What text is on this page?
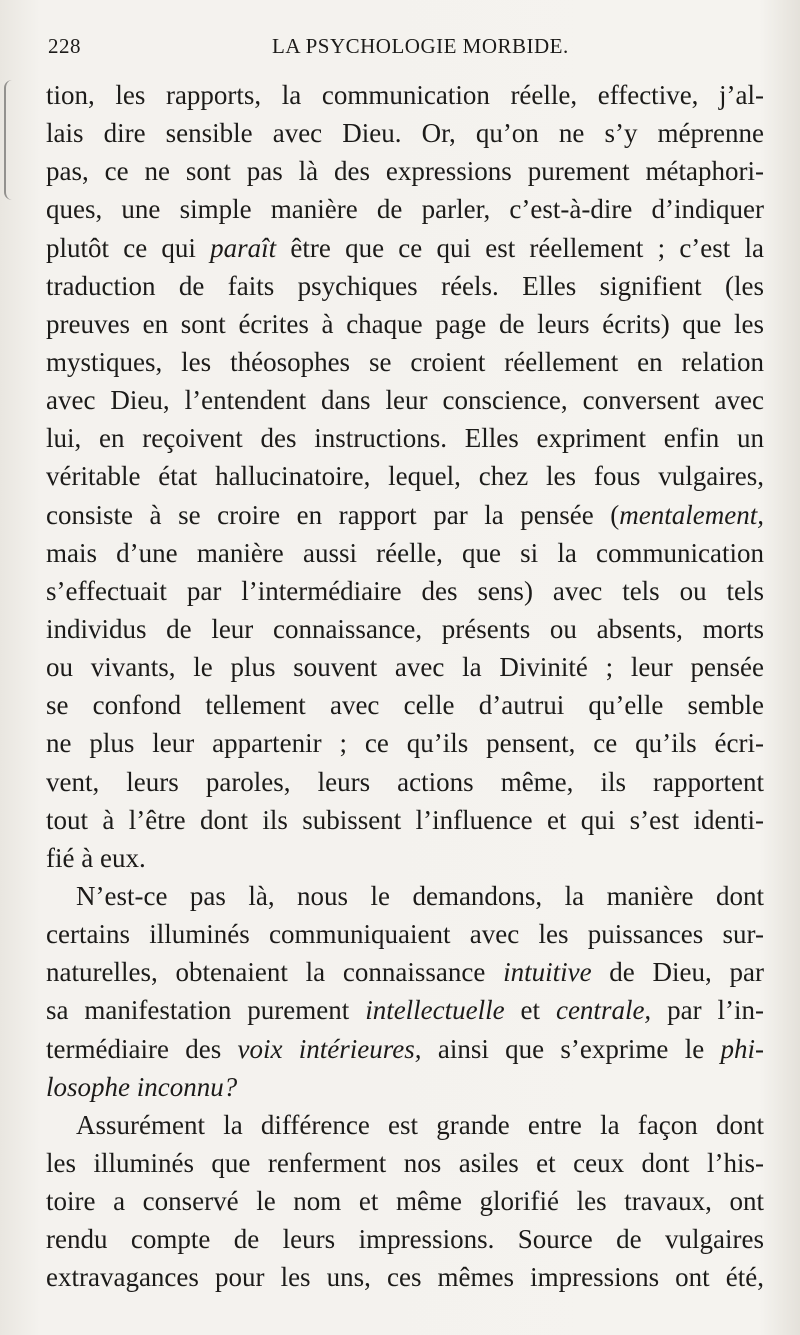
228	LA PSYCHOLOGIE MORBIDE.
tion, les rapports, la communication réelle, effective, j’al-
lais dire sensible avec Dieu. Or, qu’on ne s’y méprenne
pas, ce ne sont pas là des expressions purement métaphori-
ques, une simple manière de parler, c’est-à-dire d’indiquer
plutôt ce qui paraît être que ce qui est réellement ; c’est la
traduction de faits psychiques réels. Elles signifient (les
preuves en sont écrites à chaque page de leurs écrits) que les
mystiques, les théosophes se croient réellement en relation
avec Dieu, l’entendent dans leur conscience, conversent avec
lui, en reçoivent des instructions. Elles expriment enfin un
véritable état hallucinatoire, lequel, chez les fous vulgaires,
consiste à se croire en rapport par la pensée (mentalement,
mais d’une manière aussi réelle, que si la communication
s’effectuait par l’intermédiaire des sens) avec tels ou tels
individus de leur connaissance, présents ou absents, morts
ou vivants, le plus souvent avec la Divinité ; leur pensée
se confond tellement avec celle d’autrui qu’elle semble
ne plus leur appartenir ; ce qu’ils pensent, ce qu’ils écri-
vent, leurs paroles, leurs actions même, ils rapportent
tout à l’être dont ils subissent l’influence et qui s’est identi-
fié à eux.
N’est-ce pas là, nous le demandons, la manière dont
certains illuminés communiquaient avec les puissances sur-
naturelles, obtenaient la connaissance intuitive de Dieu, par
sa manifestation purement intellectuelle et centrale, par l’in-
termédiaire des voix intérieures, ainsi que s’exprime le phi-
losophe inconnu?
Assurément la différence est grande entre la façon dont
les illuminés que renferment nos asiles et ceux dont l’his-
toire a conservé le nom et même glorifié les travaux, ont
rendu compte de leurs impressions. Source de vulgaires
extravagances pour les uns, ces mêmes impressions ont été,
